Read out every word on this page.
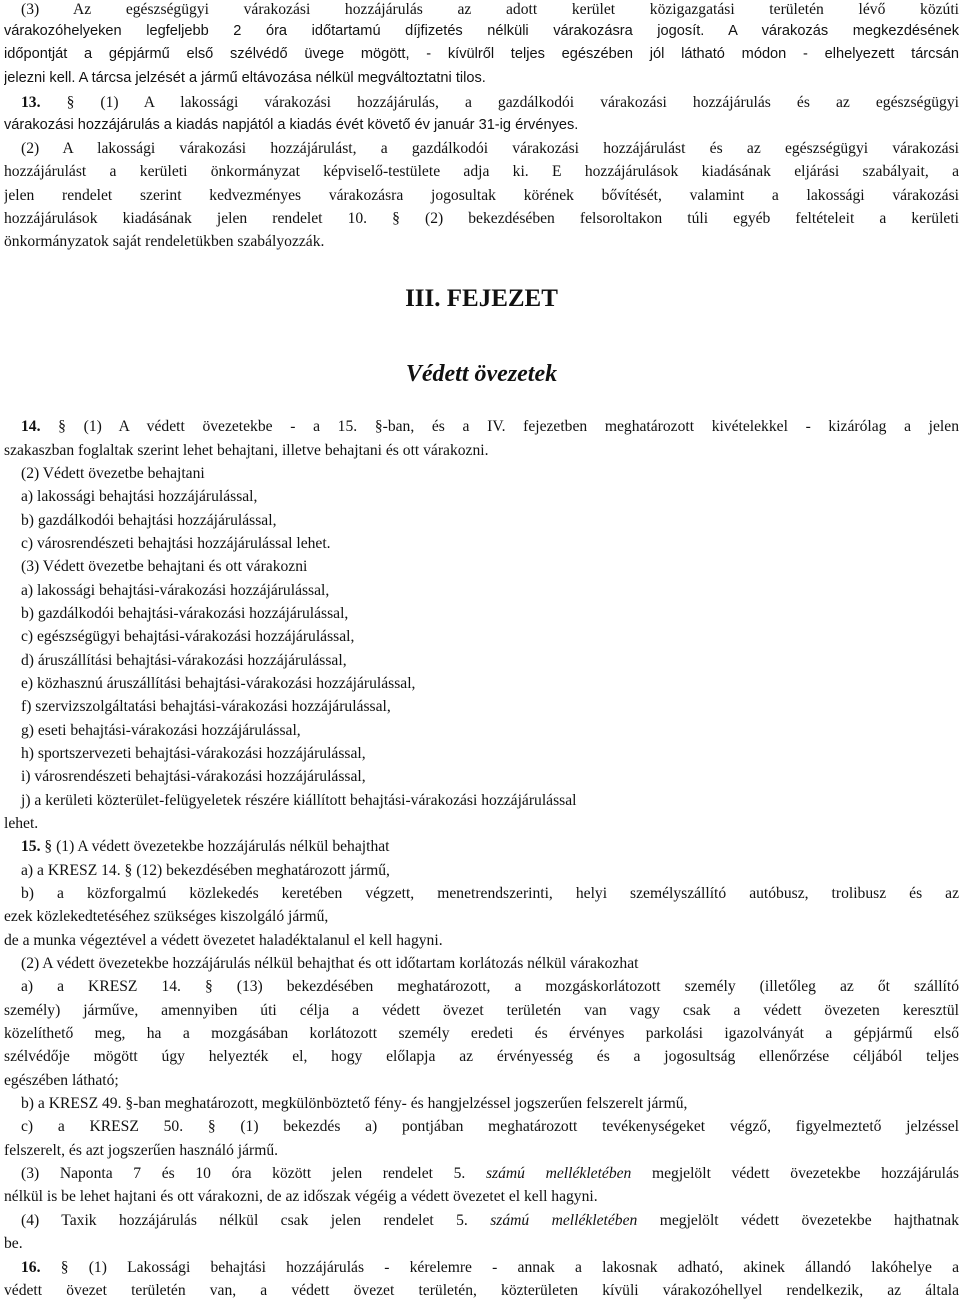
(3) Az egészségügyi várakozási hozzájárulás az adott kerület közigazgatási területén lévő közúti
várakozóhelyeken legfeljebb 2 óra időtartamú díjfizetés nélküli várakozásra jogosít. A várakozás megkezdésének
időpontját a gépjármű első szélvédő üvege mögött, - kívülről teljes egészében jól látható módon - elhelyezett tárcsán
jelezni kell. A tárcsa jelzését a jármű eltávozása nélkül megváltoztatni tilos.
13. § (1) A lakossági várakozási hozzájárulás, a gazdálkodói várakozási hozzájárulás és az egészségügyi
várakozási hozzájárulás a kiadás napjától a kiadás évét követő év január 31-ig érvényes.
(2) A lakossági várakozási hozzájárulást, a gazdálkodói várakozási hozzájárulást és az egészségügyi várakozási
hozzájárulást a kerületi önkormányzat képviselő-testülete adja ki. E hozzájárulások kiadásának eljárási szabályait, a
jelen rendelet szerint kedvezményes várakozásra jogosultak körének bővítését, valamint a lakossági várakozási
hozzájárulások kiadásának jelen rendelet 10. § (2) bekezdésében felsoroltakon túli egyéb feltételeit a kerületi
önkormányzatok saját rendeletükben szabályozzák.
III. FEJEZET
Védett övezetek
14. § (1) A védett övezetekbe - a 15. §-ban, és a IV. fejezetben meghatározott kivételekkel - kizárólag a jelen
szakaszban foglaltak szerint lehet behajtani, illetve behajtani és ott várakozni.
(2) Védett övezetbe behajtani
a) lakossági behajtási hozzájárulással,
b) gazdálkodói behajtási hozzájárulással,
c) városrendészeti behajtási hozzájárulással lehet.
(3) Védett övezetbe behajtani és ott várakozni
a) lakossági behajtási-várakozási hozzájárulással,
b) gazdálkodói behajtási-várakozási hozzájárulással,
c) egészségügyi behajtási-várakozási hozzájárulással,
d) áruszállítási behajtási-várakozási hozzájárulással,
e) közhasznú áruszállítási behajtási-várakozási hozzájárulással,
f) szervizszolgáltatási behajtási-várakozási hozzájárulással,
g) eseti behajtási-várakozási hozzájárulással,
h) sportszervezeti behajtási-várakozási hozzájárulással,
i) városrendészeti behajtási-várakozási hozzájárulással,
j) a kerületi közterület-felügyeletek részére kiállított behajtási-várakozási hozzájárulással
lehet.
15. § (1) A védett övezetekbe hozzájárulás nélkül behajthat
a) a KRESZ 14. § (12) bekezdésében meghatározott jármű,
b) a közforgalmú közlekedés keretében végzett, menetrendszerinti, helyi személyszállító autóbusz, trolibusz és az
ezek közlekedtetéséhez szükséges kiszolgáló jármű,
de a munka végeztével a védett övezetet haladéktalanul el kell hagyni.
(2) A védett övezetekbe hozzájárulás nélkül behajthat és ott időtartam korlátozás nélkül várakozhat
a) a KRESZ 14. § (13) bekezdésében meghatározott, a mozgáskorlátozott személy (illetőleg az őt szállító
személy) járműve, amennyiben úti célja a védett övezet területén van vagy csak a védett övezeten keresztül
közelíthető meg, ha a mozgásában korlátozott személy eredeti és érvényes parkolási igazolványát a gépjármű első
szélvédője mögött úgy helyezték el, hogy előlapja az érvényesség és a jogosultság ellenőrzése céljából teljes
egészében látható;
b) a KRESZ 49. §-ban meghatározott, megkülönböztető fény- és hangjelzéssel jogszerűen felszerelt jármű,
c) a KRESZ 50. § (1) bekezdés a) pontjában meghatározott tevékenységeket végző, figyelmeztető jelzéssel
felszerelt, és azt jogszerűen használó jármű.
(3) Naponta 7 és 10 óra között jelen rendelet 5. számú mellékletében megjelölt védett övezetekbe hozzájárulás
nélkül is be lehet hajtani és ott várakozni, de az időszak végéig a védett övezetet el kell hagyni.
(4) Taxik hozzájárulás nélkül csak jelen rendelet 5. számú mellékletében megjelölt védett övezetekbe hajthatnak
be.
16. § (1) Lakossági behajtási hozzájárulás - kérelemre - annak a lakosnak adható, akinek állandó lakóhelye a
védett övezet területén van, a védett övezet területén, közterületen kívüli várakozóhellyel rendelkezik, az általa
